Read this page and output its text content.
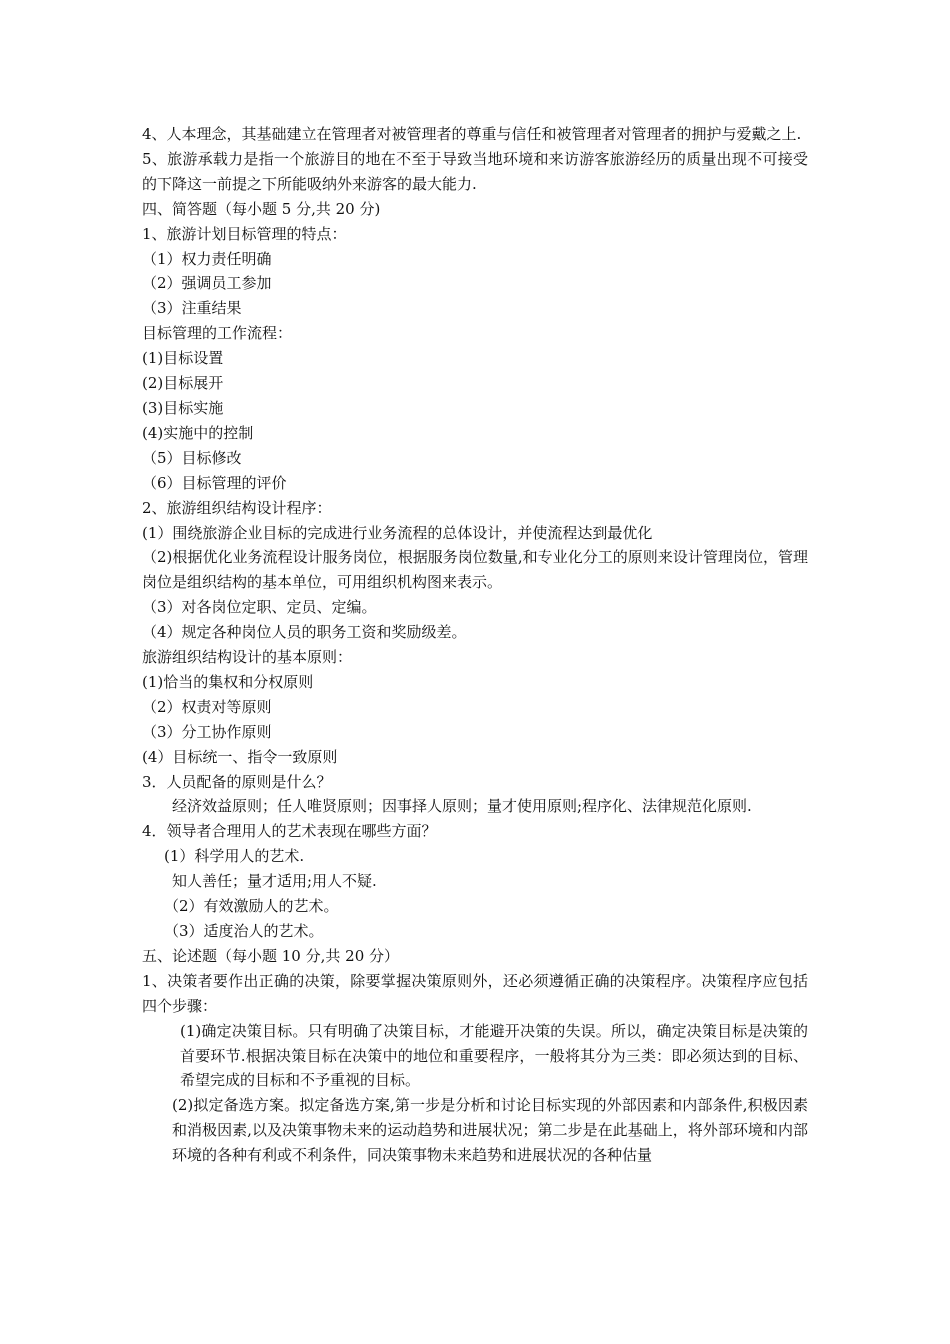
4、人本理念，其基础建立在管理者对被管理者的尊重与信任和被管理者对管理者的拥护与爱戴之上.

5、旅游承载力是指一个旅游目的地在不至于导致当地环境和来访游客旅游经历的质量出现不可接受的下降这一前提之下所能吸纳外来游客的最大能力.

四、简答题（每小题 5 分,共 20 分)

1、旅游计划目标管理的特点：

（1）权力责任明确

（2）强调员工参加

（3）注重结果

目标管理的工作流程：

(1)目标设置

(2)目标展开

(3)目标实施

(4)实施中的控制

（5）目标修改

（6）目标管理的评价

2、旅游组织结构设计程序：

(1）围绕旅游企业目标的完成进行业务流程的总体设计，并使流程达到最优化

（2)根据优化业务流程设计服务岗位，根据服务岗位数量,和专业化分工的原则来设计管理岗位，管理岗位是组织结构的基本单位，可用组织机构图来表示。

（3）对各岗位定职、定员、定编。

（4）规定各种岗位人员的职务工资和奖励级差。

旅游组织结构设计的基本原则：

(1)恰当的集权和分权原则

（2）权责对等原则

（3）分工协作原则

(4）目标统一、指令一致原则

3．人员配备的原则是什么？

经济效益原则；任人唯贤原则；因事择人原则；量才使用原则;程序化、法律规范化原则.

4．领导者合理用人的艺术表现在哪些方面？

(1）科学用人的艺术.

知人善任；量才适用;用人不疑.

（2）有效激励人的艺术。

（3）适度治人的艺术。

五、论述题（每小题 10 分,共 20 分）

1、决策者要作出正确的决策，除要掌握决策原则外，还必须遵循正确的决策程序。决策程序应包括四个步骤：

(1)确定决策目标。只有明确了决策目标，才能避开决策的失误。所以，确定决策目标是决策的首要环节.根据决策目标在决策中的地位和重要程序，一般将其分为三类：即必须达到的目标、希望完成的目标和不予重视的目标。

(2)拟定备选方案。拟定备选方案,第一步是分析和讨论目标实现的外部因素和内部条件,积极因素和消极因素,以及决策事物未来的运动趋势和进展状况；第二步是在此基础上，将外部环境和内部环境的各种有利或不利条件，同决策事物未来趋势和进展状况的各种估量
